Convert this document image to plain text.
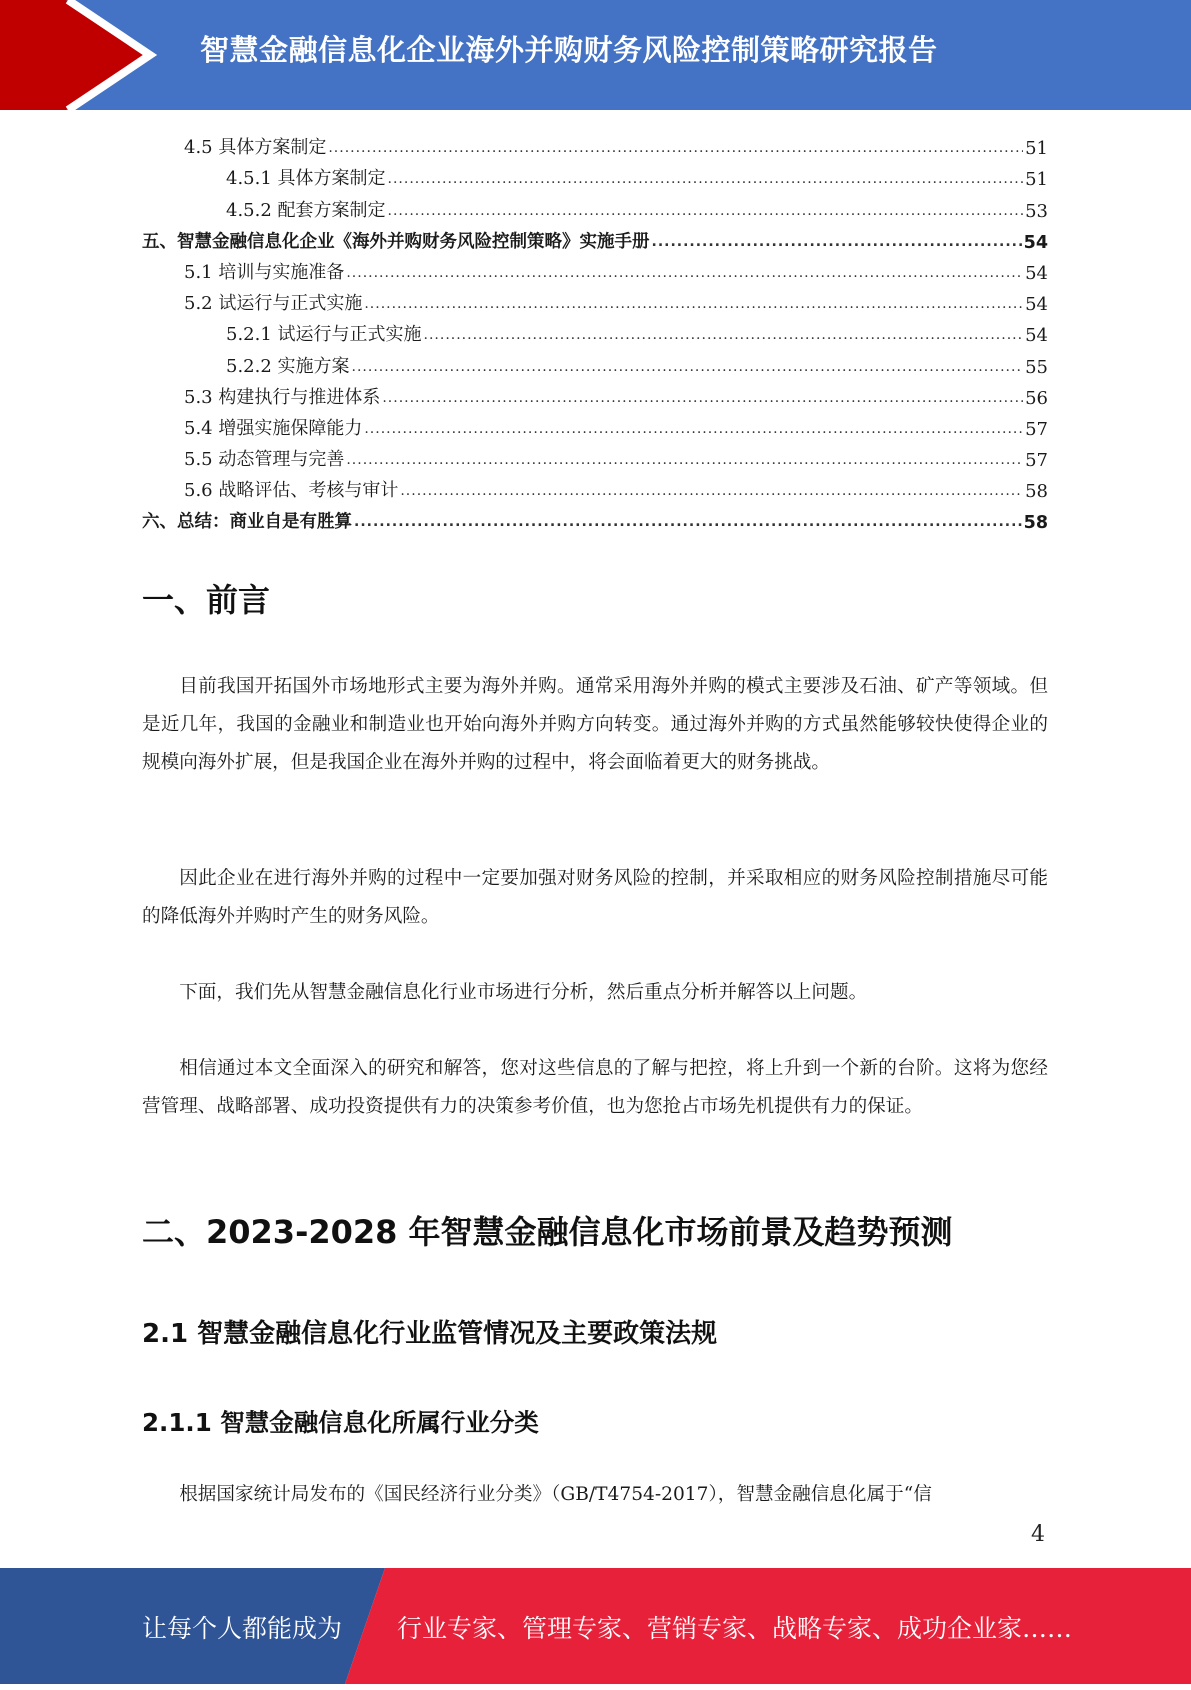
智慧金融信息化企业海外并购财务风险控制策略研究报告
4.5 具体方案制定 .....	51
4.5.1 具体方案制定 .....	51
4.5.2 配套方案制定 .....	53
五、智慧金融信息化企业《海外并购财务风险控制策略》实施手册 .....	54
5.1 培训与实施准备 .....	54
5.2 试运行与正式实施 .....	54
5.2.1 试运行与正式实施 .....	54
5.2.2 实施方案 .....	55
5.3 构建执行与推进体系 .....	56
5.4 增强实施保障能力 .....	57
5.5 动态管理与完善 .....	57
5.6 战略评估、考核与审计 .....	58
六、总结：商业自是有胜算 .....	58
一、前言

目前我国开拓国外市场地形式主要为海外并购。通常采用海外并购的模式主要涉及石油、矿产等领域。但是近几年，我国的金融业和制造业也开始向海外并购方向转变。通过海外并购的方式虽然能够较快使得企业的规模向海外扩展，但是我国企业在海外并购的过程中，将会面临着更大的财务挑战。

因此企业在进行海外并购的过程中一定要加强对财务风险的控制，并采取相应的财务风险控制措施尽可能的降低海外并购时产生的财务风险。

下面，我们先从智慧金融信息化行业市场进行分析，然后重点分析并解答以上问题。

相信通过本文全面深入的研究和解答，您对这些信息的了解与把控，将上升到一个新的台阶。这将为您经营管理、战略部署、成功投资提供有力的决策参考价值，也为您抢占市场先机提供有力的保证。

二、2023-2028 年智慧金融信息化市场前景及趋势预测
2.1 智慧金融信息化行业监管情况及主要政策法规
2.1.1 智慧金融信息化所属行业分类

根据国家统计局发布的《国民经济行业分类》（GB/T4754-2017），智慧金融信息化属于“信

4
让每个人都能成为 行业专家、管理专家、营销专家、战略专家、成功企业家……
